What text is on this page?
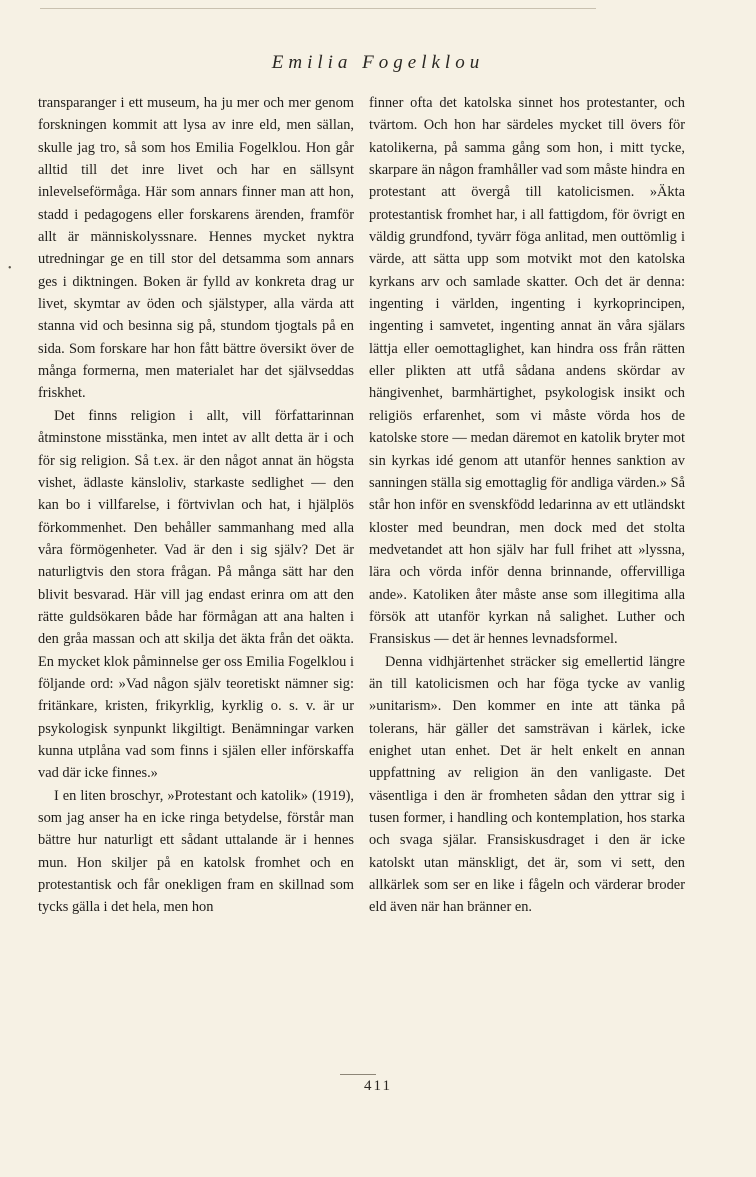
Emilia Fogelklou
•

transparanger i ett museum, ha ju mer och mer genom forskningen kommit att lysa av inre eld, men sällan, skulle jag tro, så som hos Emilia Fogelklou. Hon går alltid till det inre livet och har en sällsynt inlevelseförmåga. Här som annars finner man att hon, stadd i pedagogens eller forskarens ärenden, framför allt är människolyssnare. Hennes mycket nyktra utredningar ge en till stor del detsamma som annars ges i diktningen. Boken är fylld av konkreta drag ur livet, skymtar av öden och själstyper, alla värda att stanna vid och besinna sig på, stundom tjogtals på en sida. Som forskare har hon fått bättre översikt över de många formerna, men materialet har det självseddas friskhet.

Det finns religion i allt, vill författarinnan åtminstone misstänka, men intet av allt detta är i och för sig religion. Så t.ex. är den något annat än högsta vishet, ädlaste känsloliv, starkaste sedlighet — den kan bo i villfarelse, i förtvivlan och hat, i hjälplös förkommenhet. Den behåller sammanhang med alla våra förmögenheter. Vad är den i sig själv? Det är naturligtvis den stora frågan. På många sätt har den blivit besvarad. Här vill jag endast erinra om att den rätte guldsökaren både har förmågan att ana halten i den gråa massan och att skilja det äkta från det oäkta. En mycket klok påminnelse ger oss Emilia Fogelklou i följande ord: »Vad någon själv teoretiskt nämner sig: fritänkare, kristen, frikyrklig, kyrklig o. s. v. är ur psykologisk synpunkt likgiltigt. Benämningar varken kunna utplåna vad som finns i själen eller införskaffa vad där icke finnes.»

I en liten broschyr, »Protestant och katolik» (1919), som jag anser ha en icke ringa betydelse, förstår man bättre hur naturligt ett sådant uttalande är i hennes mun. Hon skiljer på en katolsk fromhet och en protestantisk och får onekligen fram en skillnad som tycks gälla i det hela, men hon

finner ofta det katolska sinnet hos protestanter, och tvärtom. Och hon har särdeles mycket till övers för katolikerna, på samma gång som hon, i mitt tycke, skarpare än någon framhåller vad som måste hindra en protestant att övergå till katolicismen. »Äkta protestantisk fromhet har, i all fattigdom, för övrigt en väldig grundfond, tyvärr föga anlitad, men outtömlig i värde, att sätta upp som motvikt mot den katolska kyrkans arv och samlade skatter. Och det är denna: ingenting i världen, ingenting i kyrkoprincipen, ingenting i samvetet, ingenting annat än våra själars lättja eller oemottaglighet, kan hindra oss från rätten eller plikten att utfå sådana andens skördar av hängivenhet, barmhärtighet, psykologisk insikt och religiös erfarenhet, som vi måste vörda hos de katolske store — medan däremot en katolik bryter mot sin kyrkas idé genom att utanför hennes sanktion av sanningen ställa sig emottaglig för andliga värden.» Så står hon inför en svenskfödd ledarinna av ett utländskt kloster med beundran, men dock med det stolta medvetandet att hon själv har full frihet att »lyssna, lära och vörda inför denna brinnande, offervilliga ande». Katoliken åter måste anse som illegitima alla försök att utanför kyrkan nå salighet. Luther och Fransiskus — det är hennes levnadsformel.

Denna vidhjärtenhet sträcker sig emellertid längre än till katolicismen och har föga tycke av vanlig »unitarism». Den kommer en inte att tänka på tolerans, här gäller det samsträvan i kärlek, icke enighet utan enhet. Det är helt enkelt en annan uppfattning av religion än den vanligaste. Det väsentliga i den är fromheten sådan den yttrar sig i tusen former, i handling och kontemplation, hos starka och svaga själar. Fransiskusdraget i den är icke katolskt utan mänskligt, det är, som vi sett, den allkärlek som ser en like i fågeln och värderar broder eld även när han bränner en.

411
